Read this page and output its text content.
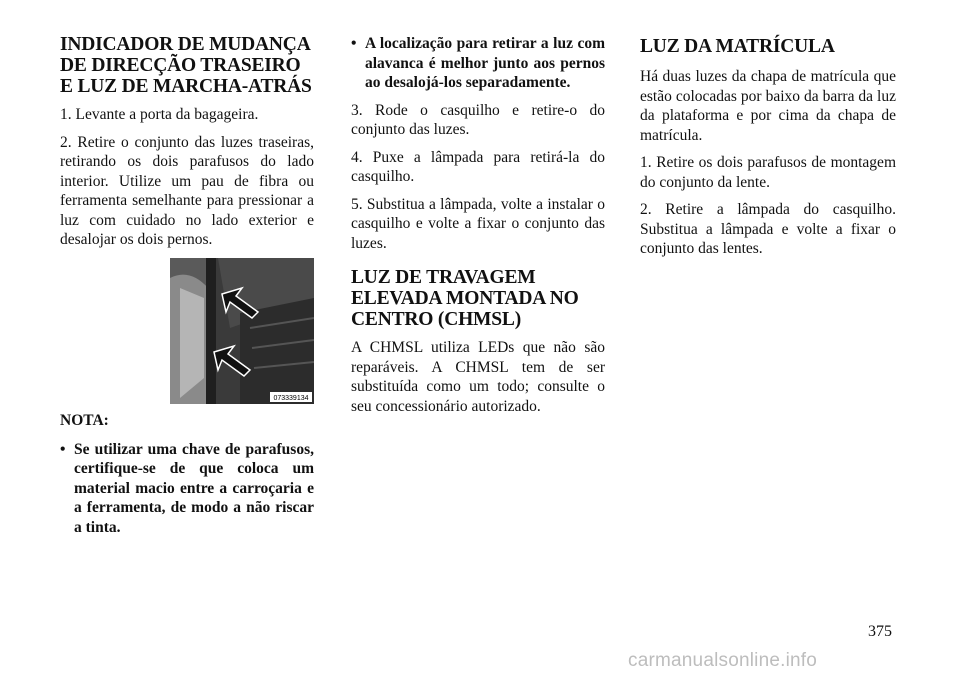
INDICADOR DE MUDANÇA DE DIRECÇÃO TRASEIRO E LUZ DE MARCHA-ATRÁS

1. Levante a porta da bagageira.

2. Retire o conjunto das luzes traseiras, retirando os dois parafusos do lado interior. Utilize um pau de fibra ou ferramenta semelhante para pressionar a luz com cuidado no lado exterior e desalojar os dois pernos.

073339134
NOTA:
• Se utilizar uma chave de parafusos, certifique-se de que coloca um material macio entre a carroçaria e a ferramenta, de modo a não riscar a tinta.
• A localização para retirar a luz com alavanca é melhor junto aos pernos ao desalojá-los separadamente.

3. Rode o casquilho e retire-o do conjunto das luzes.

4. Puxe a lâmpada para retirá-la do casquilho.

5. Substitua a lâmpada, volte a instalar o casquilho e volte a fixar o conjunto das luzes.

LUZ DE TRAVAGEM ELEVADA MONTADA NO CENTRO (CHMSL)

A CHMSL utiliza LEDs que não são reparáveis. A CHMSL tem de ser substituída como um todo; consulte o seu concessionário autorizado.

LUZ DA MATRÍCULA

Há duas luzes da chapa de matrícula que estão colocadas por baixo da barra da luz da plataforma e por cima da chapa de matrícula.

1. Retire os dois parafusos de montagem do conjunto da lente.

2. Retire a lâmpada do casquilho. Substitua a lâmpada e volte a fixar o conjunto das lentes.

375
carmanualsonline.info
